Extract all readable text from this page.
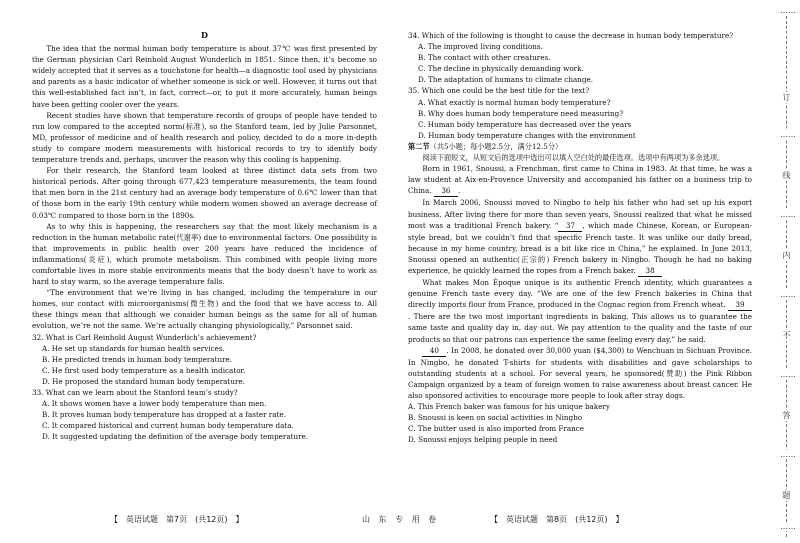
D

The idea that the normal human body temperature is about 37℃ was first presented by the German physician Carl Reinhold August Wunderlich in 1851. Since then, it’s become so widely accepted that it serves as a touchstone for health—a diagnostic tool used by physicians and parents as a basic indicator of whether someone is sick or well. However, it turns out that this well-established fact isn’t, in fact, correct—or, to put it more accurately, human beings have been getting cooler over the years.

Recent studies have shown that temperature records of groups of people have tended to run low compared to the accepted norm(标准), so the Stanford team, led by Julie Parsonnet, MD, professor of medicine and of health research and policy, decided to do a more in-depth study to compare modern measurements with historical records to try to identify body temperature trends and, perhaps, uncover the reason why this cooling is happening.

For their research, the Stanford team looked at three distinct data sets from two historical periods. After going through 677,423 temperature measurements, the team found that men born in the 21st century had an average body temperature of 0.6℃ lower than that of those born in the early 19th century while modern women showed an average decrease of 0.03℃ compared to those born in the 1890s.

As to why this is happening, the researchers say that the most likely mechanism is a reduction in the human metabolic rate(代谢率) due to environmental factors. One possibility is that improvements in public health over 200 years have reduced the incidence of inflammations(炎症), which promote metabolism. This combined with people living more comfortable lives in more stable environments means that the body doesn’t have to work as hard to stay warm, so the average temperature falls.

“The environment that we’re living in has changed, including the temperature in our homes, our contact with microorganisms(微生物) and the food that we have access to. All these things mean that although we consider human beings as the same for all of human evolution, we’re not the same. We’re actually changing physiologically,” Parsonnet said.

32. What is Carl Reinhold August Wunderlich’s achievement?

A. He set up standards for human health services.

B. He predicted trends in human body temperature.

C. He first used body temperature as a health indicator.

D. He proposed the standard human body temperature.

33. What can we learn about the Stanford team’s study?

A. It shows women have a lower body temperature than men.

B. It proves human body temperature has dropped at a faster rate.

C. It compared historical and current human body temperature data.

D. It suggested updating the definition of the average body temperature.

34. Which of the following is thought to cause the decrease in human body temperature?

A. The improved living conditions.

B. The contact with other creatures.

C. The decline in physically demanding work.

D. The adaptation of humans to climate change.

35. Which one could be the best title for the text?

A. What exactly is normal human body temperature?

B. Why does human body temperature need measuring?

C. Human body temperature has decreased over the years

D. Human body temperature changes with the environment

第二节（共5小题；每小题2.5分，满分12.5分）

阅读下面短文，从短文后的选项中选出可以填入空白处的最佳选项。选项中有两项为多余选项。

Born in 1961, Snoussi, a Frenchman, first came to China in 1983. At that time, he was a law student at Aix-en-Provence University and accompanied his father on a business trip to China. 36 .

In March 2006, Snoussi moved to Ningbo to help his father who had set up his export business. After living there for more than seven years, Snoussi realized that what he missed most was a traditional French bakery. “ 37 , which made Chinese, Korean, or European-style bread, but we couldn’t find that specific French taste. It was unlike our daily bread, because in my home country, bread is a bit like rice in China,” he explained. In June 2013, Snoussi opened an authentic(正宗的) French bakery in Ningbo. Though he had no baking experience, he quickly learned the ropes from a French baker. 38

What makes Mon Époque unique is its authentic French identity, which guarantees a genuine French taste every day. “We are one of the few French bakeries in China that directly imports flour from France, produced in the Cognac region from French wheat. 39. There are the two most important ingredients in baking. This allows us to guarantee the same taste and quality day in, day out. We pay attention to the quality and the taste of our products so that our patrons can experience the same feeling every day,” he said.

40 . In 2008, he donated over 30,000 yuan ($4,300) to Wenchuan in Sichuan Province. In Ningbo, he donated T-shirts for students with disabilities and gave scholarships to outstanding students at a school. For several years, he sponsored(赞助) the Pink Ribbon Campaign organized by a team of foreign women to raise awareness about breast cancer. He also sponsored activities to encourage more people to look after stray dogs.

A. This French baker was famous for his unique bakery

B. Snoussi is keen on social activities in Ningbo

C. The butter used is also imported from France

D. Snoussi enjoys helping people in need

【　英语试题　第7页　(共12页)　】	山 东 专 用 卷	【　英语试题　第8页　(共12页)　】
……
订
……
线
……
内
……
不
……
答
……
题
……
